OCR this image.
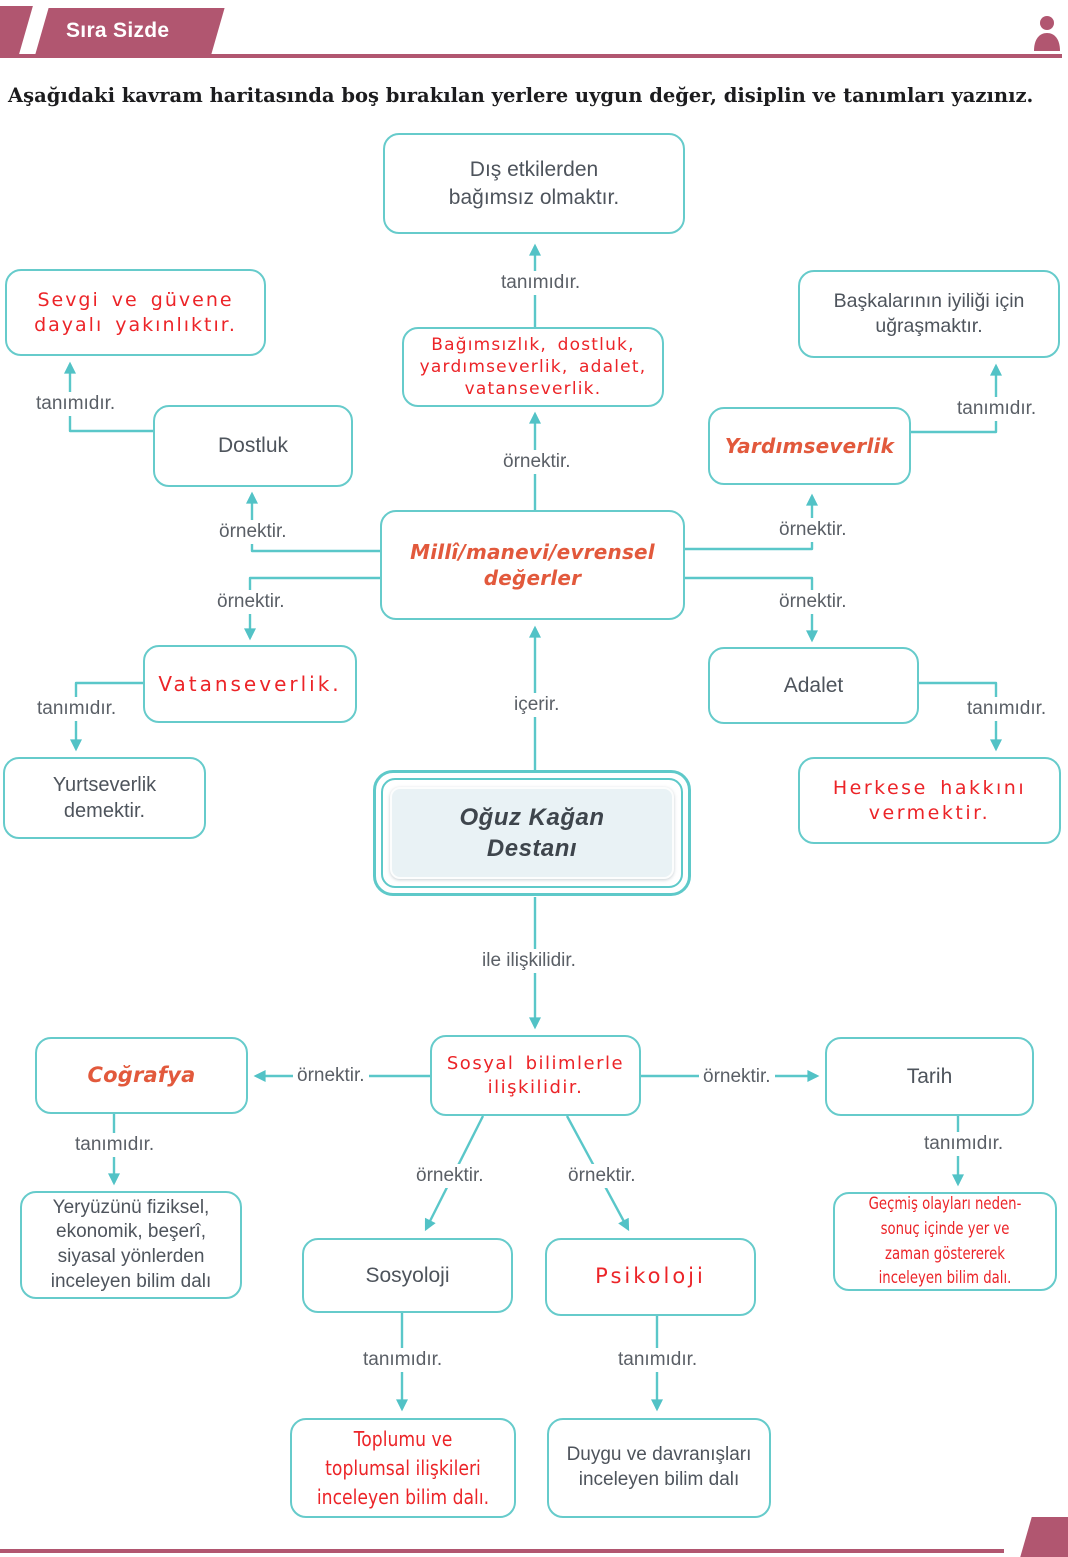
Sıra Sizde
Aşağıdaki kavram haritasında boş bırakılan yerlere uygun değer, disiplin ve tanımları yazınız.
Dış etkilerden bağımsız olmaktır.
Sevgi ve güvene dayalı yakınlıktır.
Başkalarının iyiliği için uğraşmaktır.
Bağımsızlık, dostluk, yardımseverlik, adalet, vatanseverlik.
Dostluk	Yardımseverlik
Millî/manevi/evrensel değerler
Vatanseverlik.	Adalet
Yurtseverlik demektir.
Herkese hakkını vermektir.
Oğuz Kağan Destanı
Sosyal bilimlerle ilişkilidir.
Coğrafya	Tarih
Yeryüzünü fiziksel, ekonomik, beşerî, siyasal yönlerden inceleyen bilim dalı
Geçmiş olayları neden-sonuç içinde yer ve zaman göstererek inceleyen bilim dalı.
Sosyoloji	Psikoloji
Toplumu ve toplumsal ilişkileri inceleyen bilim dalı.
Duygu ve davranışları inceleyen bilim dalı
tanımıdır.
tanımıdır.	tanımıdır.
örnektir.
örnektir.	örnektir.
örnektir.	örnektir.
tanımıdır.	tanımıdır.
içerir.
ile ilişkilidir.
örnektir.	örnektir.
tanımıdır.	tanımıdır.
örnektir.	örnektir.
tanımıdır.	tanımıdır.
